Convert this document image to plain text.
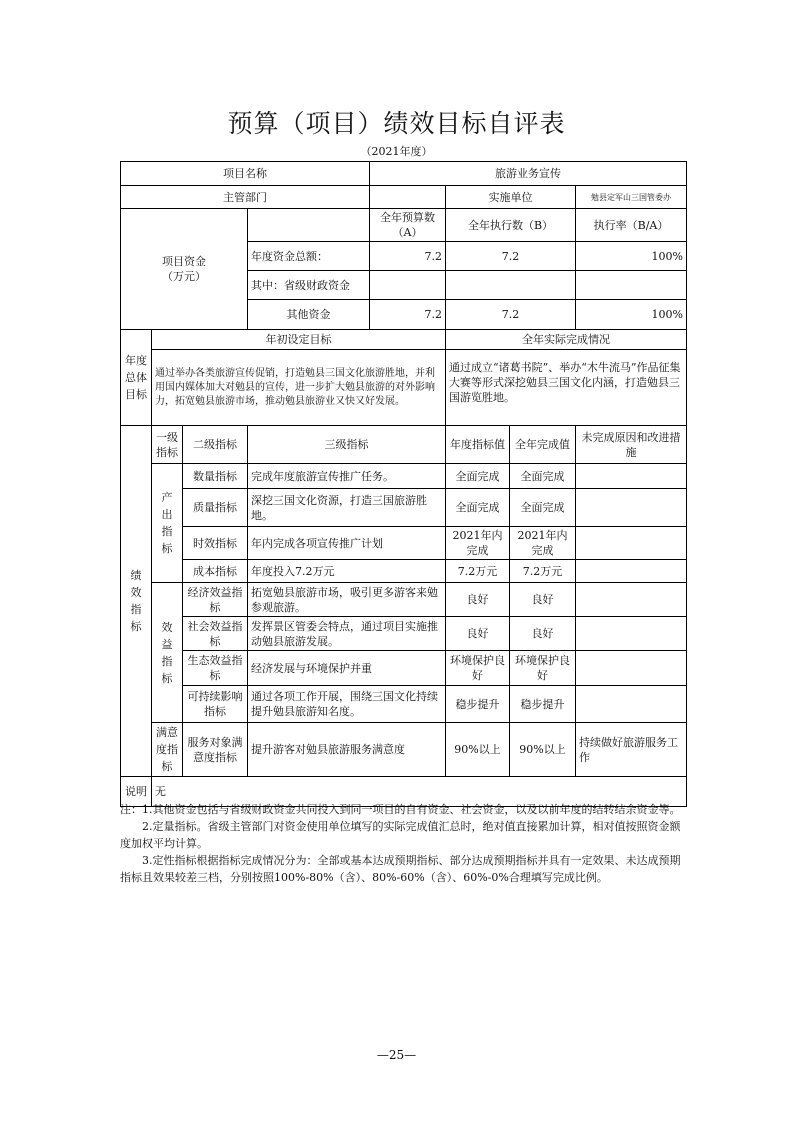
预算（项目）绩效目标自评表
（2021年度）
项目名称				旅游业务宣传			
主管部门					实施单位		勉县定军山三国管委办
项目资金
（万元）				全年预算数（A）	全年执行数（B）		执行率（B/A）
			年度资金总额：	7.2	7.2		100%
			其中：省级财政资金				
			其他资金	7.2	7.2		100%
年度总体目标	年初设定目标				全年实际完成情况		
	通过举办各类旅游宣传促销，打造勉县三国文化旅游胜地，并利用国内媒体加大对勉县的宣传，进一步扩大勉县旅游的对外影响力，拓宽勉县旅游市场，推动勉县旅游业又快又好发展。				通过成立“诸葛书院”、举办“木牛流马”作品征集大赛等形式深挖勉县三国文化内涵，打造勉县三国游览胜地。		
绩效指标	一级指标	二级指标	三级指标		年度指标值	全年完成值	未完成原因和改进措施
	产出指标	数量指标	完成年度旅游宣传推广任务。		全面完成	全面完成	
		质量指标	深挖三国文化资源，打造三国旅游胜地。		全面完成	全面完成	
		时效指标	年内完成各项宣传推广计划		2021年内完成	2021年内完成	
		成本指标	年度投入7.2万元		7.2万元	7.2万元	
	效益指标	经济效益指标	拓宽勉县旅游市场，吸引更多游客来勉参观旅游。		良好	良好	
		社会效益指标	发挥景区管委会特点，通过项目实施推动勉县旅游发展。		良好	良好	
		生态效益指标	经济发展与环境保护并重		环境保护良好	环境保护良好	
		可持续影响指标	通过各项工作开展，围绕三国文化持续提升勉县旅游知名度。		稳步提升	稳步提升	
	满意度指标	服务对象满意度指标	提升游客对勉县旅游服务满意度		90%以上	90%以上	持续做好旅游服务工作
说明	无						

注：1.其他资金包括与省级财政资金共同投入到同一项目的自有资金、社会资金，以及以前年度的结转结余资金等。

2.定量指标。省级主管部门对资金使用单位填写的实际完成值汇总时，绝对值直接累加计算，相对值按照资金额度加权平均计算。

3.定性指标根据指标完成情况分为：全部或基本达成预期指标、部分达成预期指标并具有一定效果、未达成预期指标且效果较差三档，分别按照100%-80%（含）、80%-60%（含）、60%-0%合理填写完成比例。

—25—
